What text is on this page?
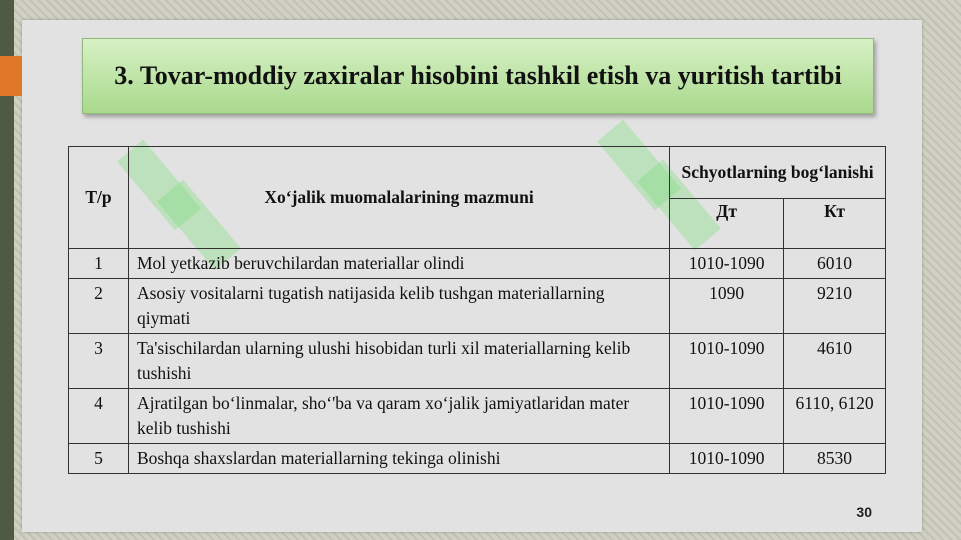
3. Tovar-moddiy zaxiralar hisobini tashkil etish va yuritish tartibi
T/p	Xo‘jalik muomalalarining mazmuni	Schyotlarning bog‘lanishi	
		Дт	Кт
1	Mol yetkazib beruvchilardan materiallar olindi	1010-1090	6010
2	Asosiy vositalarni tugatish natijasida kelib tushgan materiallarning qiymati	1090	9210
3	Ta'sischilardan ularning ulushi hisobidan turli xil materiallarning kelib tushishi	1010-1090	4610
4	Ajratilgan bo‘linmalar, sho‘'ba va qaram xo‘jalik jamiyatlaridan mater kelib tushishi	1010-1090	6110, 6120
5	Boshqa shaxslardan materiallarning tekinga olinishi	1010-1090	8530
30
